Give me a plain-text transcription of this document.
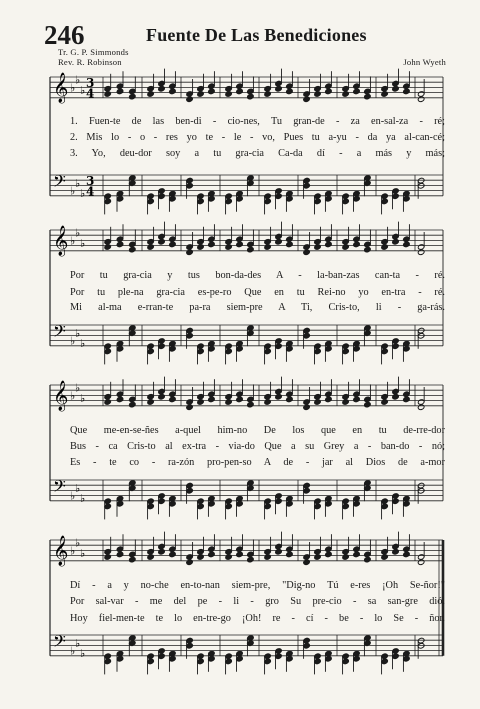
246	Fuente De Las Benediciones
Tr. G. P. Simmonds
Rev. R. Robinson	John Wyeth
𝄞
𝄢
♭
♭
♭
♭
♭
♭
3
4
3
4
𝄞
𝄢
♭
♭
♭
♭
♭
♭
𝄞
𝄢
♭
♭
♭
♭
♭
♭
𝄞
𝄢
♭
♭
♭
♭
♭
♭
1. Fuen-te de las ben-di - cio-nes, Tu gran-de - za en-sal-za - ré;
2. Mis lo - o - res yo te - le - vo, Pues tu a-yu - da ya al-can-cé;
3. Yo, deu-dor soy a tu gra-cia Ca-da dí - a más y más;
Por tu gra-cia y tus bon-da-des A - la-ban-zas can-ta - ré.
Por tu ple-na gra-cia es-pe-ro Que en tu Rei-no yo en-tra - ré.
Mi al-ma e-rran-te pa-ra siem-pre A Ti, Cris-to, li - ga-rás.
Que me-en-se-ñes a-quel him-no De los que en tu de-rre-dor
Bus - ca Cris-to al ex-tra - via-do Que a su Grey a - ban-do - nó;
Es - te co - ra-zón pro-pen-so A de - jar al Dios de a-mor
Dí - a y no-che en-to-nan siem-pre, "Dig-no Tú e-res ¡Oh Se-ñor!"
Por sal-var - me del pe - li - gro Su pre-cio - sa san-gre dió.
Hoy fiel-men-te te lo en-tre-go ¡Oh! re - cí - be - lo Se - ñor.
